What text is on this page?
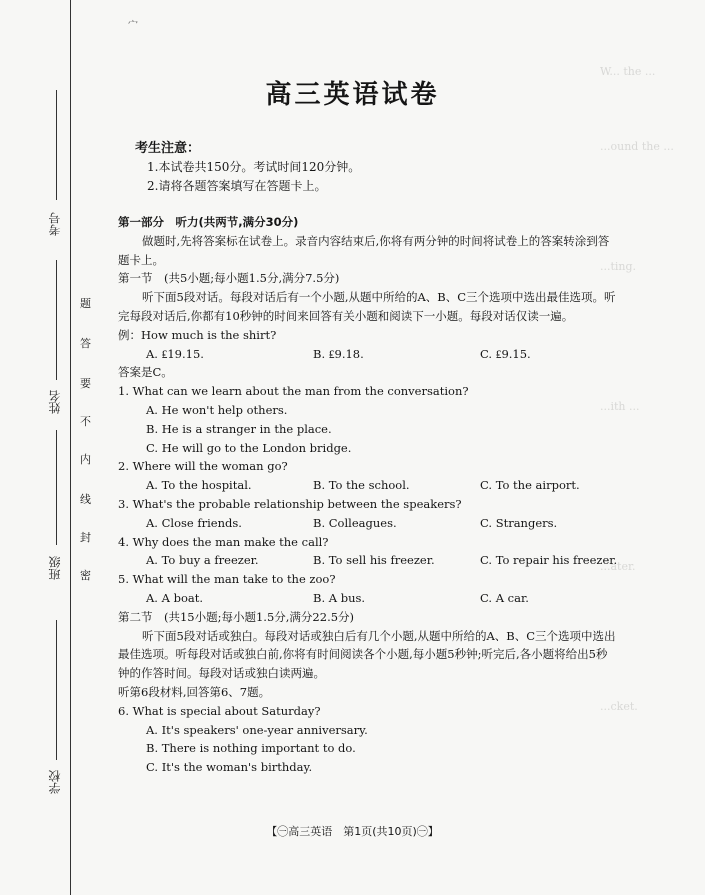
W... the ...
...ound the ...
...ting.
...ith ...
...ater.
...cket.
宀
考号
姓名
班级
学校
题
答
要
不
内
线
封
密
高三英语试卷
考生注意：
1.本试卷共150分。考试时间120分钟。
2.请将各题答案填写在答题卡上。

第一部分　听力(共两节,满分30分)

做题时,先将答案标在试卷上。录音内容结束后,你将有两分钟的时间将试卷上的答案转涂到答题卡上。

第一节　(共5小题;每小题1.5分,满分7.5分)

听下面5段对话。每段对话后有一个小题,从题中所给的A、B、C三个选项中选出最佳选项。听完每段对话后,你都有10秒钟的时间来回答有关小题和阅读下一小题。每段对话仅读一遍。

例：How much is the shirt?

A. ₤19.15.	B. ₤9.18.	C. ₤9.15.

答案是C。

1. What can we learn about the man from the conversation?

A. He won't help others.

B. He is a stranger in the place.

C. He will go to the London bridge.

2. Where will the woman go?

A. To the hospital.	B. To the school.	C. To the airport.

3. What's the probable relationship between the speakers?

A. Close friends.	B. Colleagues.	C. Strangers.

4. Why does the man make the call?

A. To buy a freezer.	B. To sell his freezer.	C. To repair his freezer.

5. What will the man take to the zoo?

A. A boat.	B. A bus.	C. A car.

第二节　(共15小题;每小题1.5分,满分22.5分)

听下面5段对话或独白。每段对话或独白后有几个小题,从题中所给的A、B、C三个选项中选出最佳选项。听每段对话或独白前,你将有时间阅读各个小题,每小题5秒钟;听完后,各小题将给出5秒钟的作答时间。每段对话或独白读两遍。

听第6段材料,回答第6、7题。

6. What is special about Saturday?

A. It's speakers' one-year anniversary.

B. There is nothing important to do.

C. It's the woman's birthday.

【㊀高三英语　第1页(共10页)㊀】
